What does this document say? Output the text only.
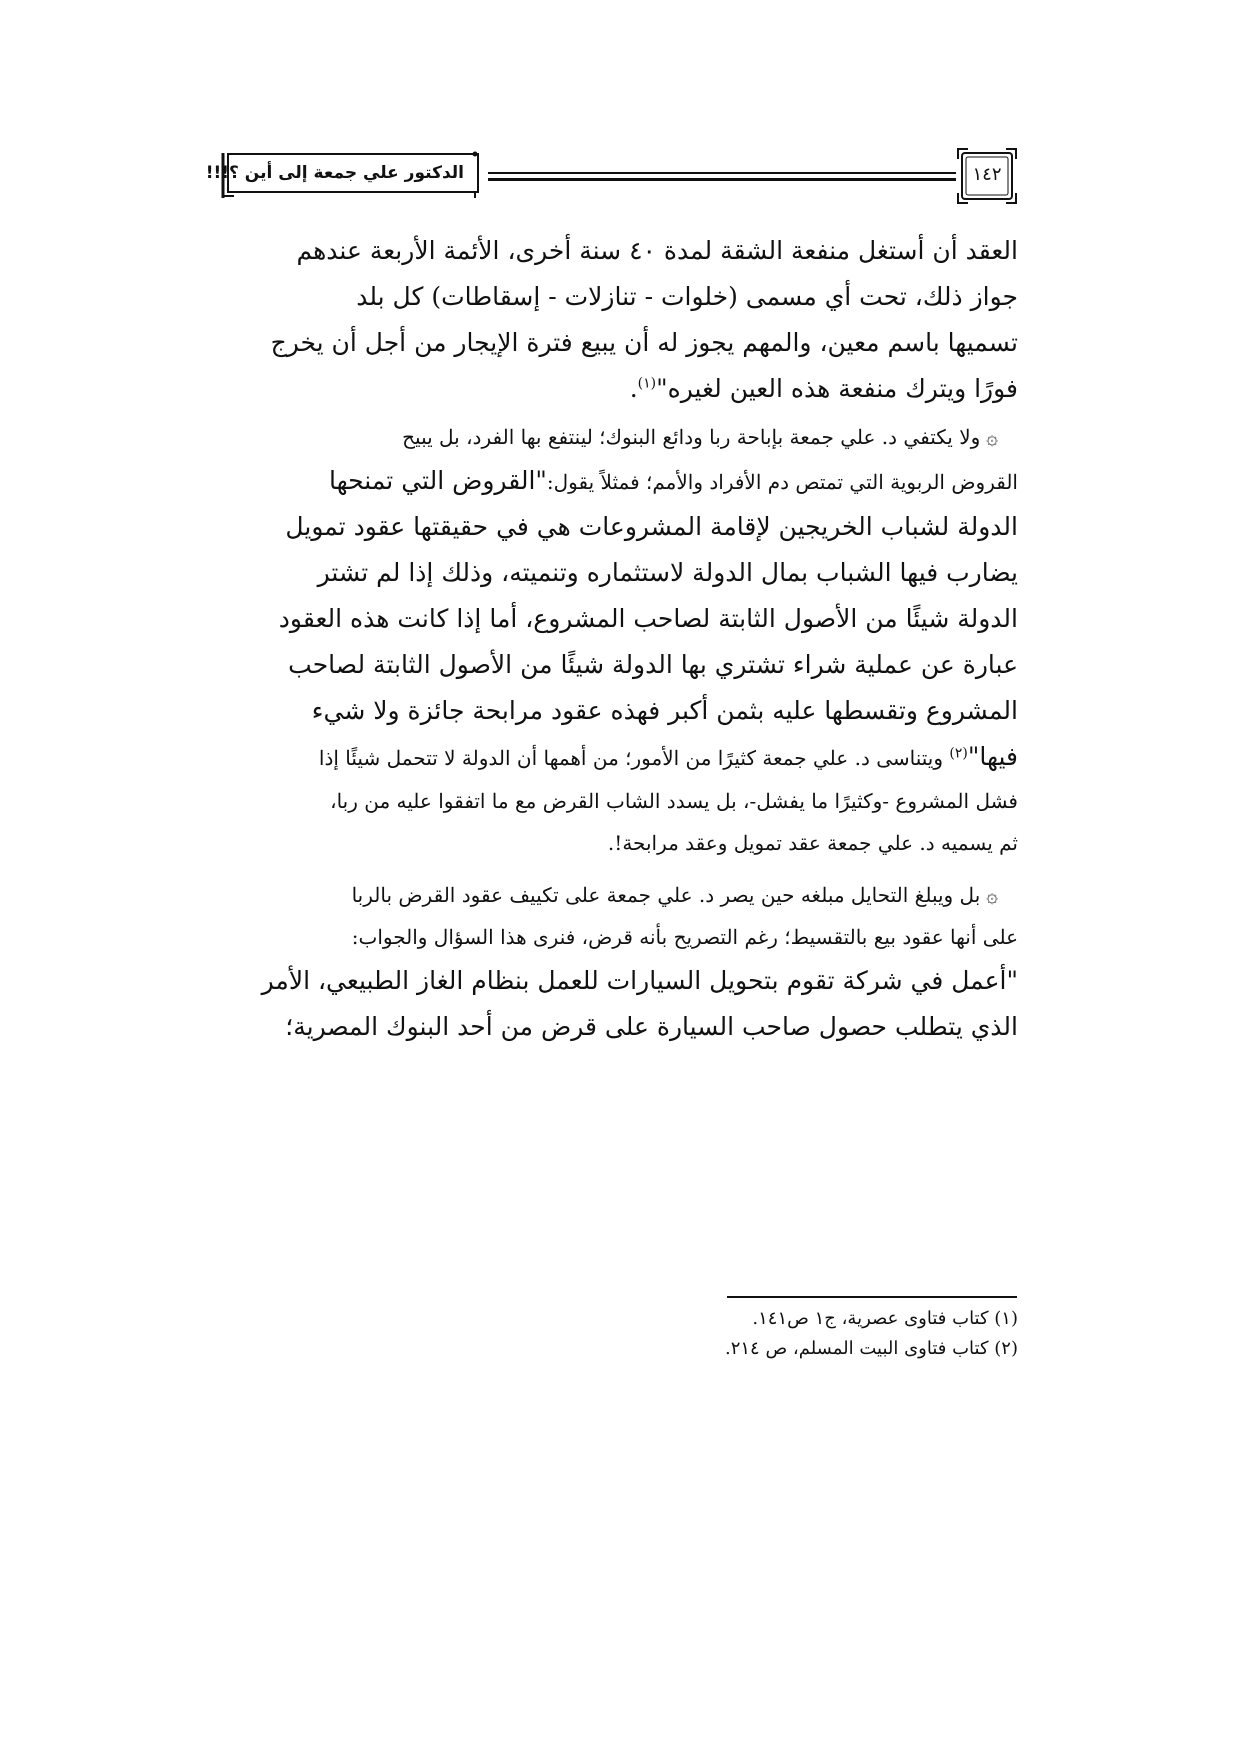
الدكتور علي جمعة إلى أين ؟!!!	١٤٢
العقد أن أستغل منفعة الشقة لمدة ٤٠ سنة أخرى، الأئمة الأربعة عندهم
جواز ذلك، تحت أي مسمى (خلوات - تنازلات - إسقاطات) كل بلد
تسميها باسم معين، والمهم يجوز له أن يبيع فترة الإيجار من أجل أن يخرج
فورًا ويترك منفعة هذه العين لغيره"$^{(١)}$.
 ۞ولا يكتفي د. علي جمعة بإباحة ربا ودائع البنوك؛ لينتفع بها الفرد، بل يبيح
القروض الربوية التي تمتص دم الأفراد والأمم؛ فمثلاً يقول:"القروض التي تمنحها
الدولة لشباب الخريجين لإقامة المشروعات هي في حقيقتها عقود تمويل
يضارب فيها الشباب بمال الدولة لاستثماره وتنميته، وذلك إذا لم تشتر
الدولة شيئًا من الأصول الثابتة لصاحب المشروع، أما إذا كانت هذه العقود
عبارة عن عملية شراء تشتري بها الدولة شيئًا من الأصول الثابتة لصاحب
المشروع وتقسطها عليه بثمن أكبر فهذه عقود مرابحة جائزة ولا شيء
فيها"$^{(٢)}$ ويتناسى د. علي جمعة كثيرًا من الأمور؛ من أهمها أن الدولة لا تتحمل شيئًا إذا
فشل المشروع -وكثيرًا ما يفشل-، بل يسدد الشاب القرض مع ما اتفقوا عليه من ربا،
ثم يسميه د. علي جمعة عقد تمويل وعقد مرابحة!.
 ۞بل ويبلغ التحايل مبلغه حين يصر د. علي جمعة على تكييف عقود القرض بالربا
على أنها عقود بيع بالتقسيط؛ رغم التصريح بأنه قرض، فنرى هذا السؤال والجواب:
"أعمل في شركة تقوم بتحويل السيارات للعمل بنظام الغاز الطبيعي، الأمر
الذي يتطلب حصول صاحب السيارة على قرض من أحد البنوك المصرية؛
(١) كتاب فتاوى عصرية، ج١ ص١٤١.
(٢) كتاب فتاوى البيت المسلم، ص ٢١٤.
